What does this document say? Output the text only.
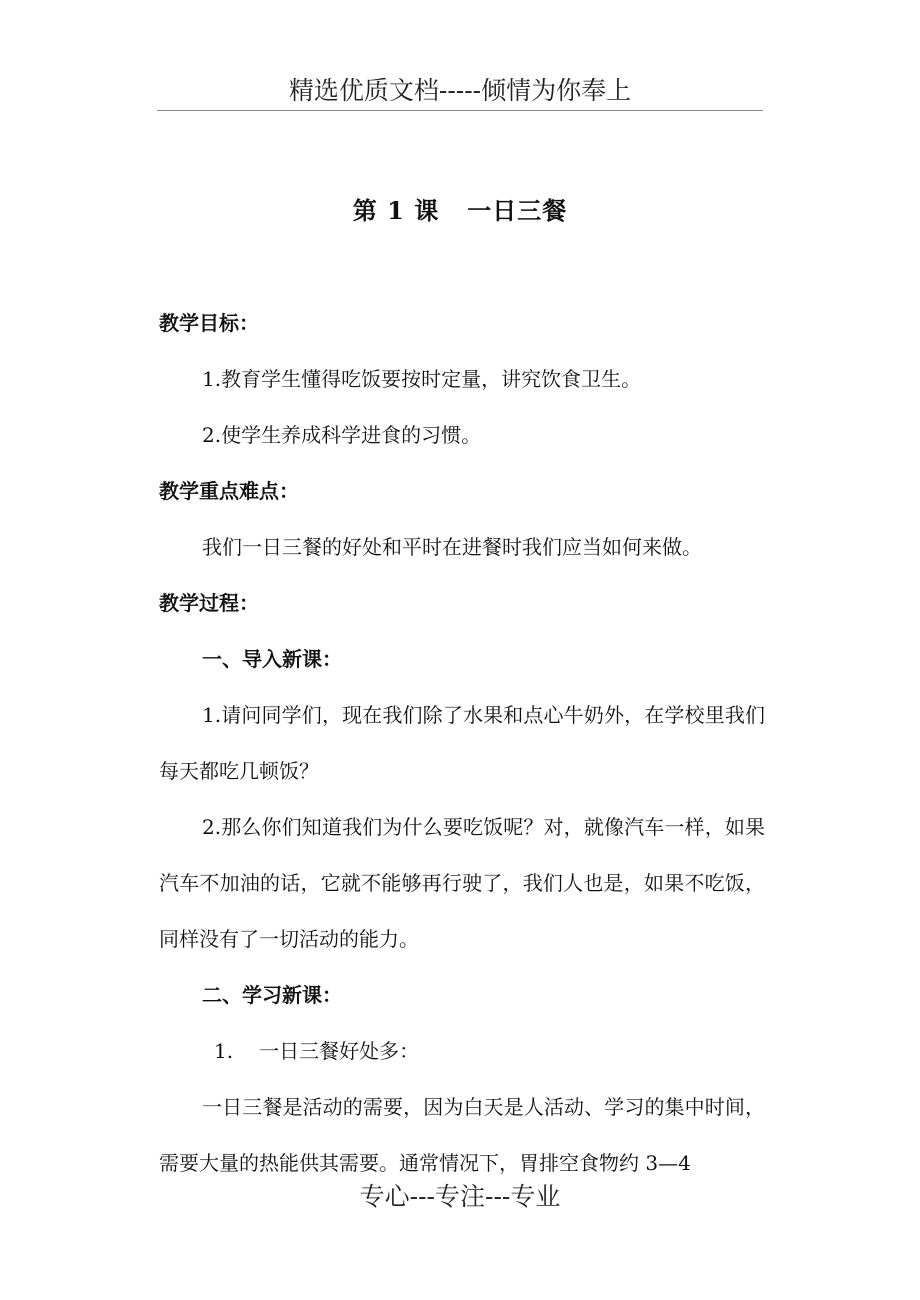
精选优质文档-----倾情为你奉上
第 1 课 一日三餐
教学目标：
1.教育学生懂得吃饭要按时定量，讲究饮食卫生。
2.使学生养成科学进食的习惯。
教学重点难点：
我们一日三餐的好处和平时在进餐时我们应当如何来做。
教学过程：
一、导入新课：
1.请问同学们，现在我们除了水果和点心牛奶外，在学校里我们每天都吃几顿饭？
2.那么你们知道我们为什么要吃饭呢？对，就像汽车一样，如果汽车不加油的话，它就不能够再行驶了，我们人也是，如果不吃饭，同样没有了一切活动的能力。
二、学习新课：
1. 一日三餐好处多：
一日三餐是活动的需要，因为白天是人活动、学习的集中时间，需要大量的热能供其需要。通常情况下，胃排空食物约 3—4
专心---专注---专业
